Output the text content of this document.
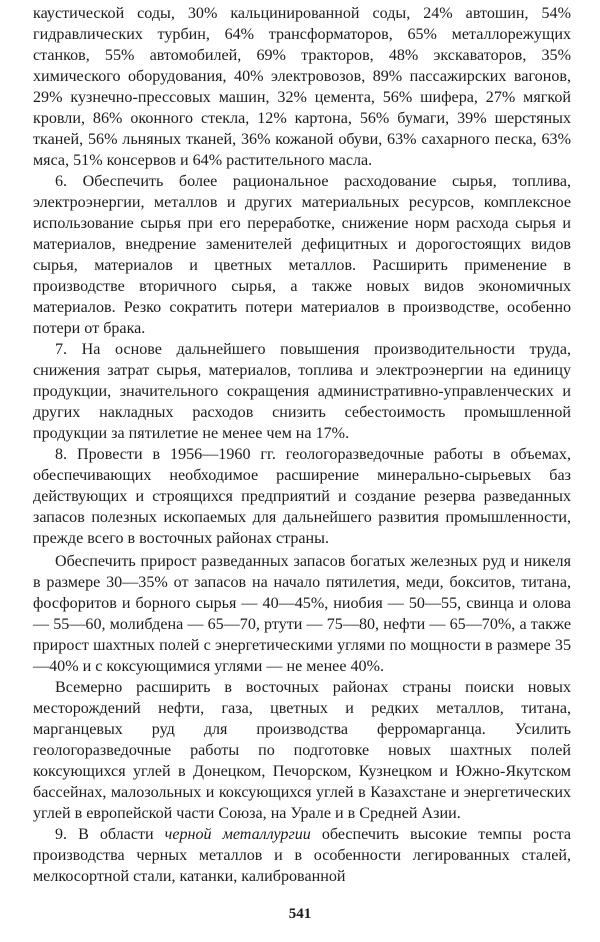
каустической соды, 30% кальцинированной соды, 24% автошин, 54% гидравлических турбин, 64% трансформаторов, 65% металлорежущих станков, 55% автомобилей, 69% тракторов, 48% экскаваторов, 35% химического оборудования, 40% электровозов, 89% пассажирских вагонов, 29% кузнечно-прессовых машин, 32% цемента, 56% шифера, 27% мягкой кровли, 86% оконного стекла, 12% картона, 56% бумаги, 39% шерстяных тканей, 56% льняных тканей, 36% кожаной обуви, 63% сахарного песка, 63% мяса, 51% консервов и 64% растительного масла.

6. Обеспечить более рациональное расходование сырья, топлива, электроэнергии, металлов и других материальных ресурсов, комплексное использование сырья при его переработке, снижение норм расхода сырья и материалов, внедрение заменителей дефицитных и дорогостоящих видов сырья, материалов и цветных металлов. Расширить применение в производстве вторичного сырья, а также новых видов экономичных материалов. Резко сократить потери материалов в производстве, особенно потери от брака.

7. На основе дальнейшего повышения производительности труда, снижения затрат сырья, материалов, топлива и электроэнергии на единицу продукции, значительного сокращения административно-управленческих и других накладных расходов снизить себестоимость промышленной продукции за пятилетие не менее чем на 17%.

8. Провести в 1956—1960 гг. геологоразведочные работы в объемах, обеспечивающих необходимое расширение минерально-сырьевых баз действующих и строящихся предприятий и создание резерва разведанных запасов полезных ископаемых для дальнейшего развития промышленности, прежде всего в восточных районах страны.

Обеспечить прирост разведанных запасов богатых железных руд и никеля в размере 30—35% от запасов на начало пятилетия, меди, бокситов, титана, фосфоритов и борного сырья — 40—45%, ниобия — 50—55, свинца и олова — 55—60, молибдена — 65—70, ртути — 75—80, нефти — 65—70%, а также прирост шахтных полей с энергетическими углями по мощности в размере 35—40% и с коксующимися углями — не менее 40%.

Всемерно расширить в восточных районах страны поиски новых месторождений нефти, газа, цветных и редких металлов, титана, марганцевых руд для производства ферромарганца. Усилить геологоразведочные работы по подготовке новых шахтных полей коксующихся углей в Донецком, Печорском, Кузнецком и Южно-Якутском бассейнах, малозольных и коксующихся углей в Казахстане и энергетических углей в европейской части Союза, на Урале и в Средней Азии.

9. В области черной металлургии обеспечить высокие темпы роста производства черных металлов и в особенности легированных сталей, мелкосортной стали, катанки, калиброванной

541
